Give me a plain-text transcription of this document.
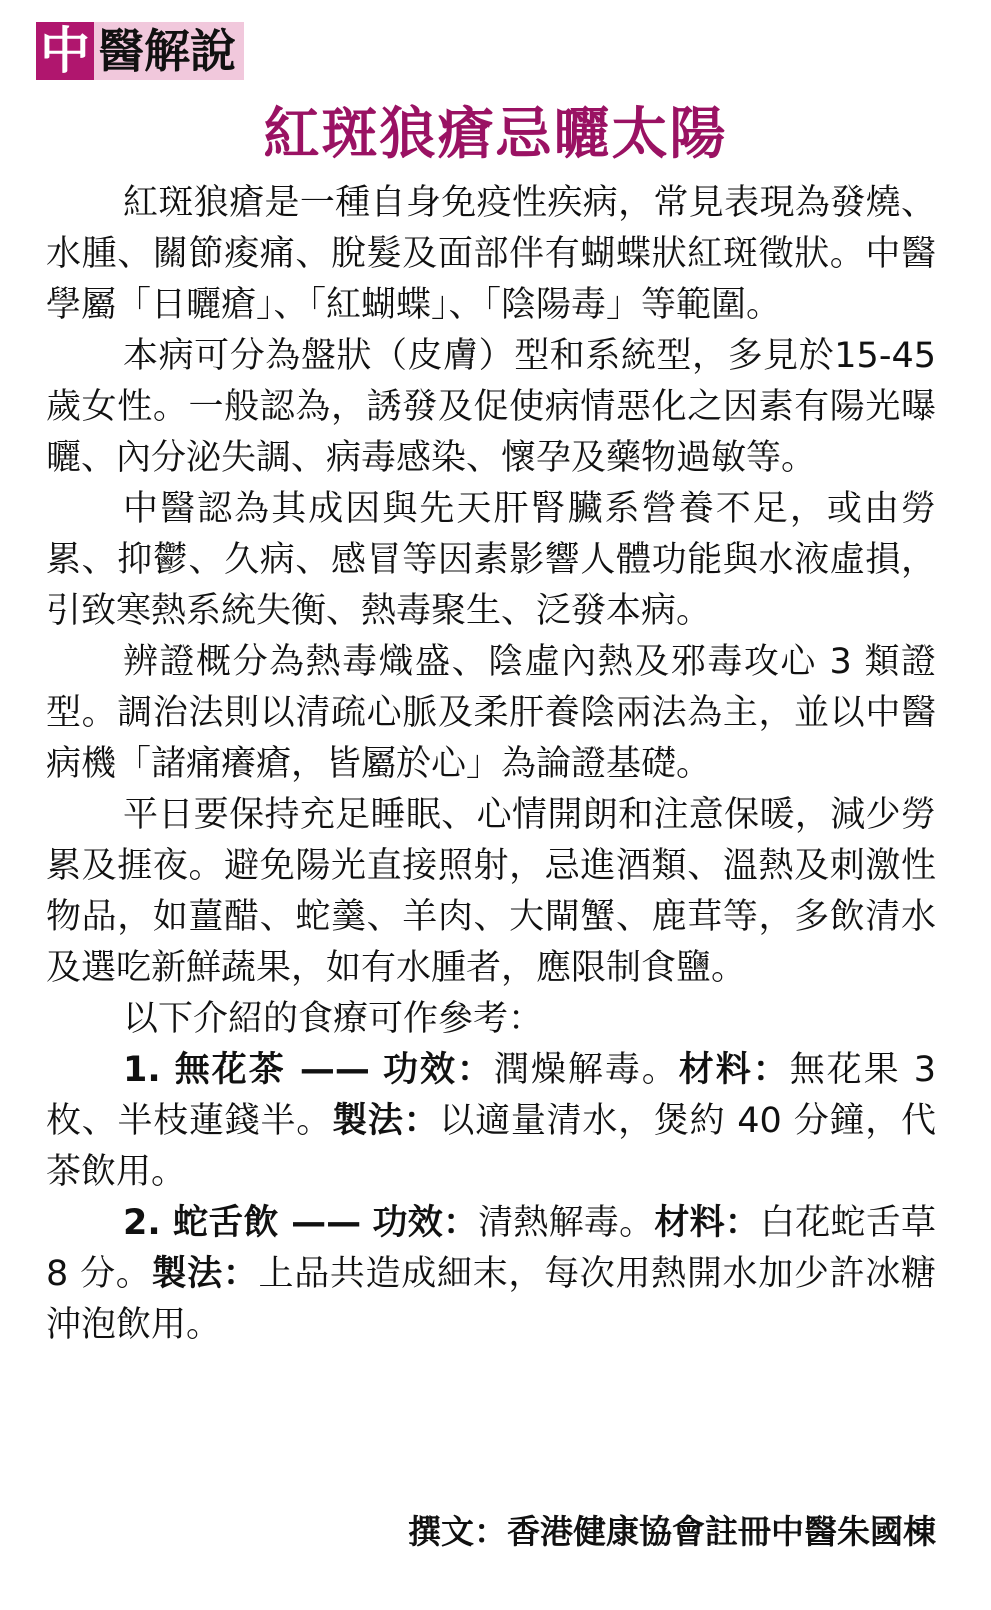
中 醫解說
紅斑狼瘡忌曬太陽

紅斑狼瘡是一種自身免疫性疾病，常見表現為發燒、水腫、關節痠痛、脫髮及面部伴有蝴蝶狀紅斑徵狀。中醫學屬「日曬瘡」、「紅蝴蝶」、「陰陽毒」等範圍。

本病可分為盤狀（皮膚）型和系統型，多見於15-45 歲女性。一般認為，誘發及促使病情惡化之因素有陽光曝曬、內分泌失調、病毒感染、懷孕及藥物過敏等。

中醫認為其成因與先天肝腎臟系營養不足，或由勞累、抑鬱、久病、感冒等因素影響人體功能與水液虛損，引致寒熱系統失衡、熱毒聚生、泛發本病。

辨證概分為熱毒熾盛、陰虛內熱及邪毒攻心 3 類證型。調治法則以清疏心脈及柔肝養陰兩法為主，並以中醫病機「諸痛癢瘡，皆屬於心」為論證基礎。

平日要保持充足睡眠、心情開朗和注意保暖，減少勞累及捱夜。避免陽光直接照射，忌進酒類、溫熱及刺激性物品，如薑醋、蛇羹、羊肉、大閘蟹、鹿茸等，多飲清水及選吃新鮮蔬果，如有水腫者，應限制食鹽。

以下介紹的食療可作參考：

1. 無花茶 —— 功效：潤燥解毒。材料：無花果 3 枚、半枝蓮錢半。製法：以適量清水，煲約 40 分鐘，代茶飲用。

2. 蛇舌飲 —— 功效：清熱解毒。材料：白花蛇舌草 8 分。製法：上品共造成細末，每次用熱開水加少許冰糖沖泡飲用。

撰文：香港健康協會註冊中醫朱國棟
